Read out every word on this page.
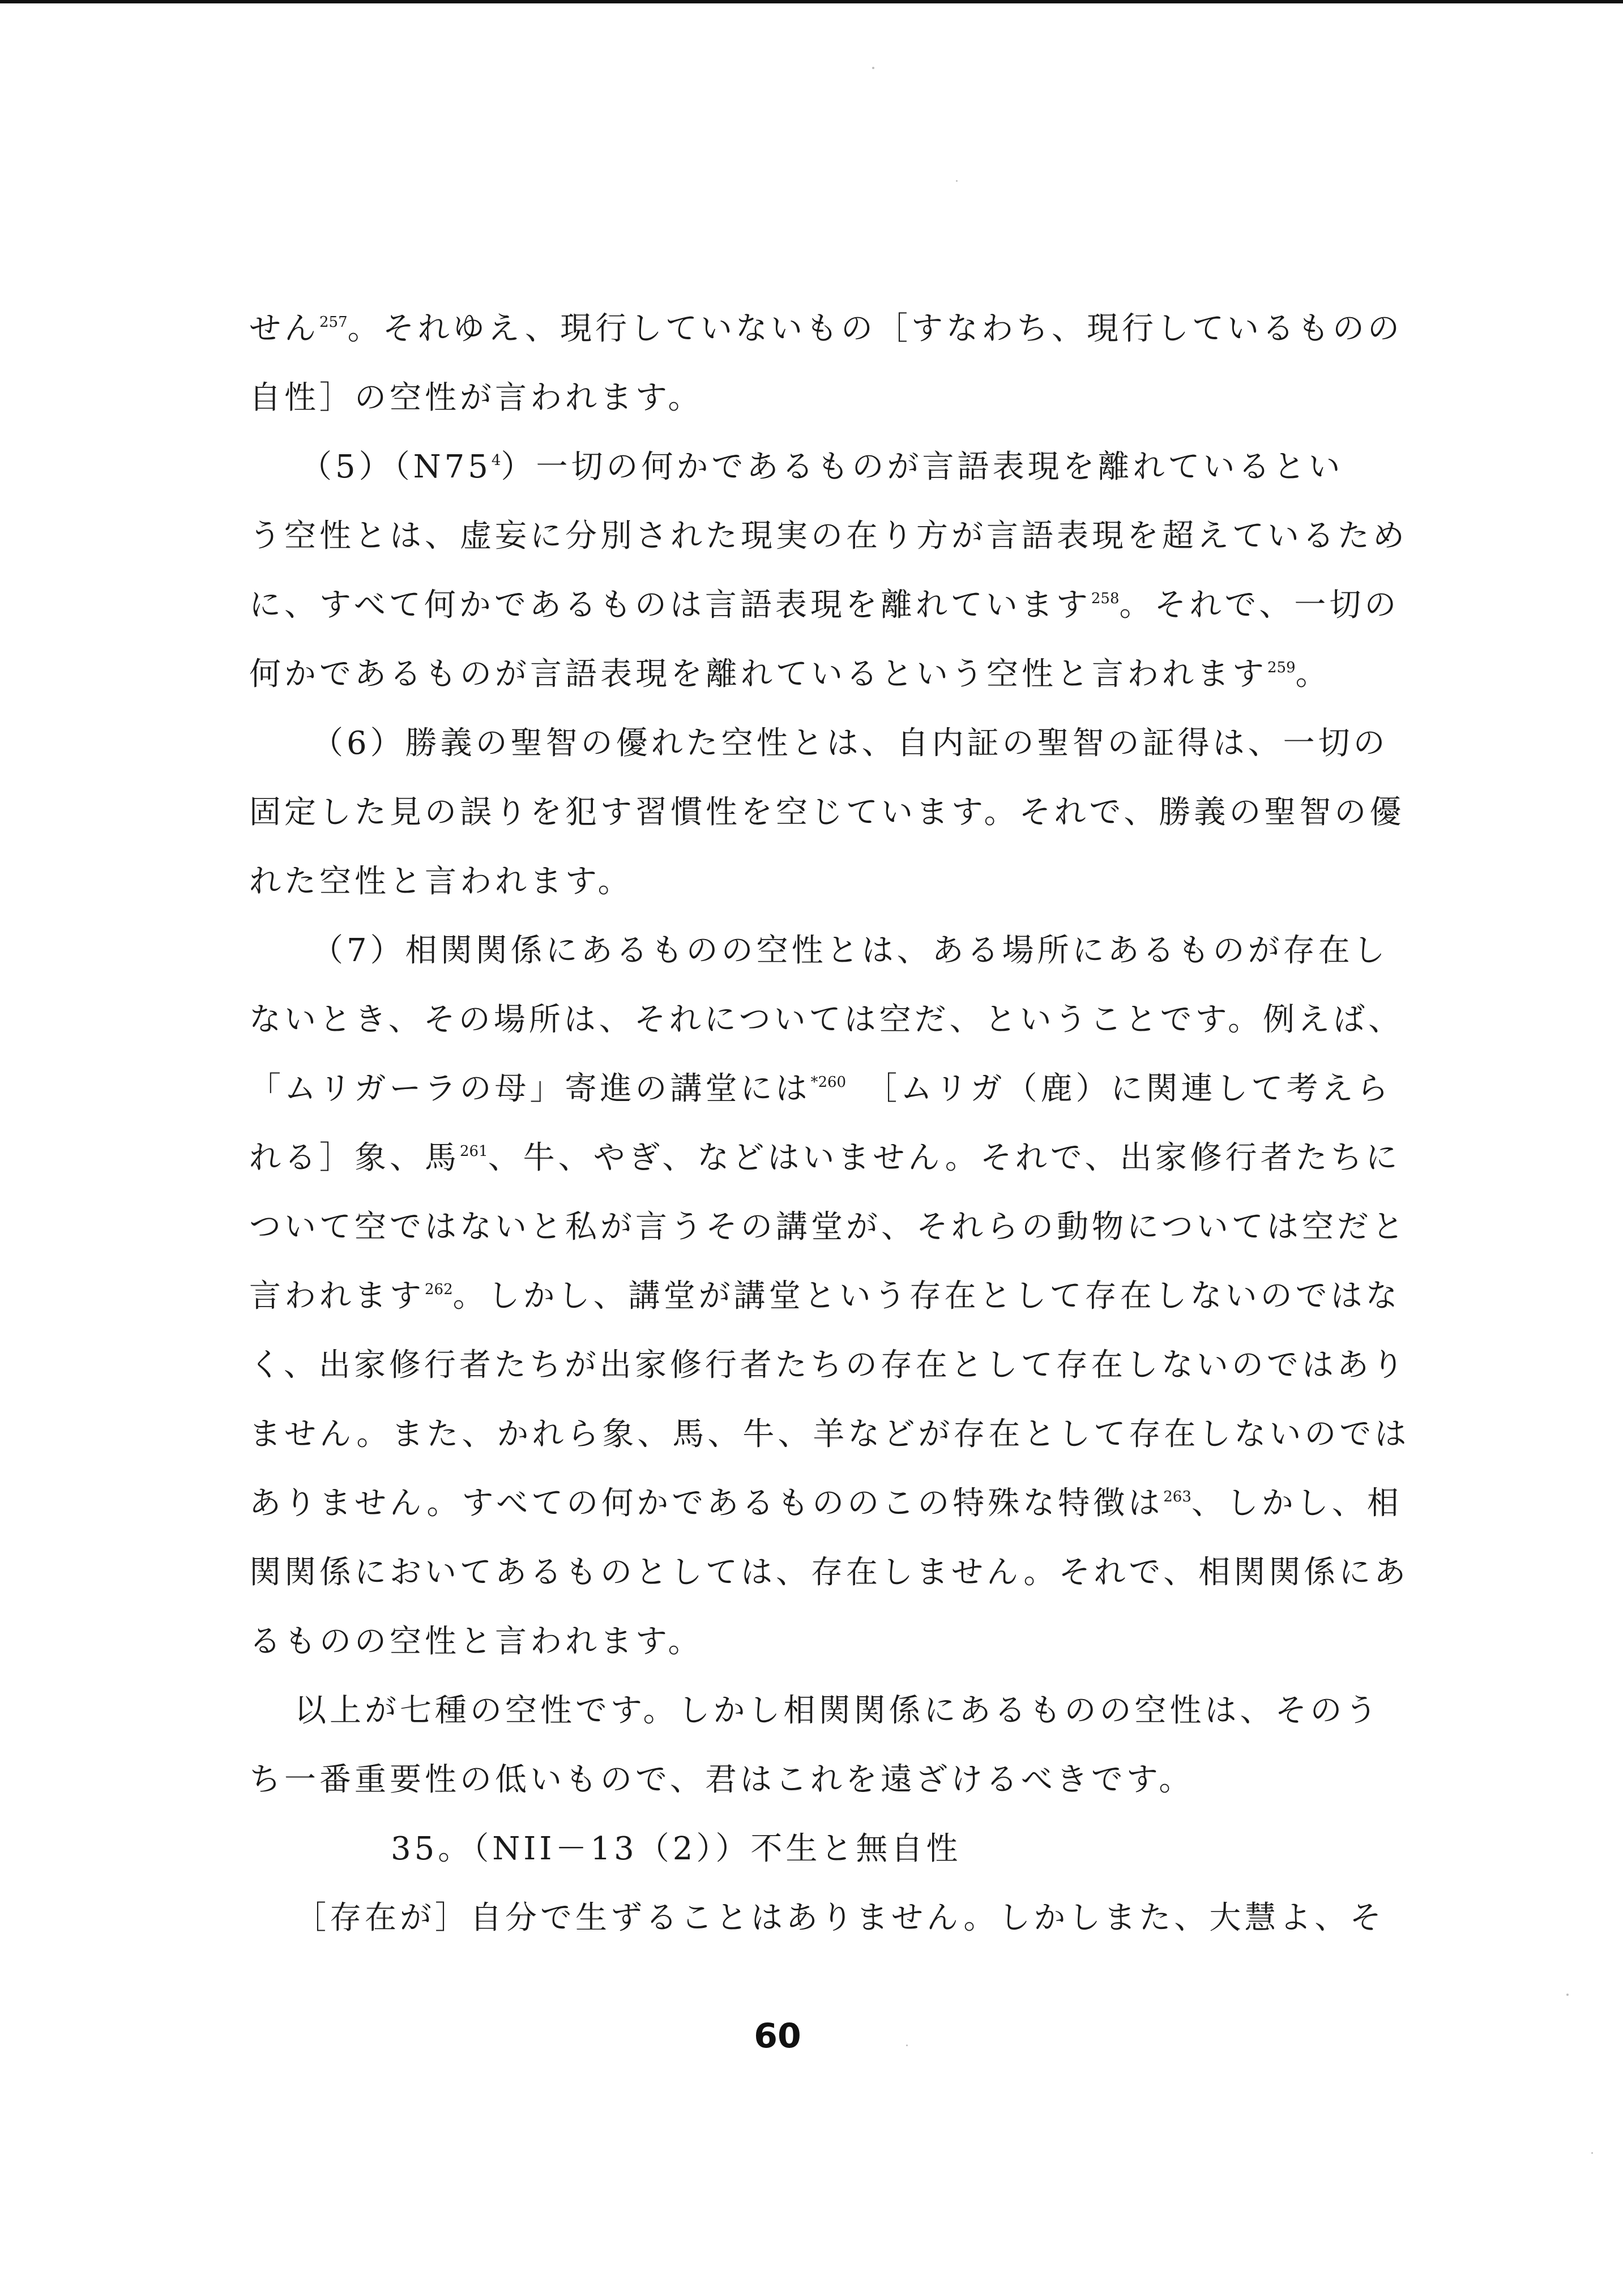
せん$^{257}$。それゆえ、現行していないもの［すなわち、現行しているものの
自性］の空性が言われます。
（5）（N75$^4$）一切の何かであるものが言語表現を離れているとい
う空性とは、虚妄に分別された現実の在り方が言語表現を超えているため
に、すべて何かであるものは言語表現を離れています$^{258}$。それで、一切の
何かであるものが言語表現を離れているという空性と言われます$^{259}$。
（6）勝義の聖智の優れた空性とは、自内証の聖智の証得は、一切の
固定した見の誤りを犯す習慣性を空じています。それで、勝義の聖智の優
れた空性と言われます。
（7）相関関係にあるものの空性とは、ある場所にあるものが存在し
ないとき、その場所は、それについては空だ、ということです。例えば、
「ムリガーラの母」寄進の講堂には$^{*260}$　［ムリガ（鹿）に関連して考えら
れる］象、馬$^{261}$、牛、やぎ、などはいません。それで、出家修行者たちに
ついて空ではないと私が言うその講堂が、それらの動物については空だと
言われます$^{262}$。しかし、講堂が講堂という存在として存在しないのではな
く、出家修行者たちが出家修行者たちの存在として存在しないのではあり
ません。また、かれら象、馬、牛、羊などが存在として存在しないのでは
ありません。すべての何かであるもののこの特殊な特徴は$^{263}$、しかし、相
関関係においてあるものとしては、存在しません。それで、相関関係にあ
るものの空性と言われます。
以上が七種の空性です。しかし相関関係にあるものの空性は、そのう
ち一番重要性の低いもので、君はこれを遠ざけるべきです。
35。（NⅠⅠ－13（2））不生と無自性
［存在が］自分で生ずることはありません。しかしまた、大慧よ、そ
60
